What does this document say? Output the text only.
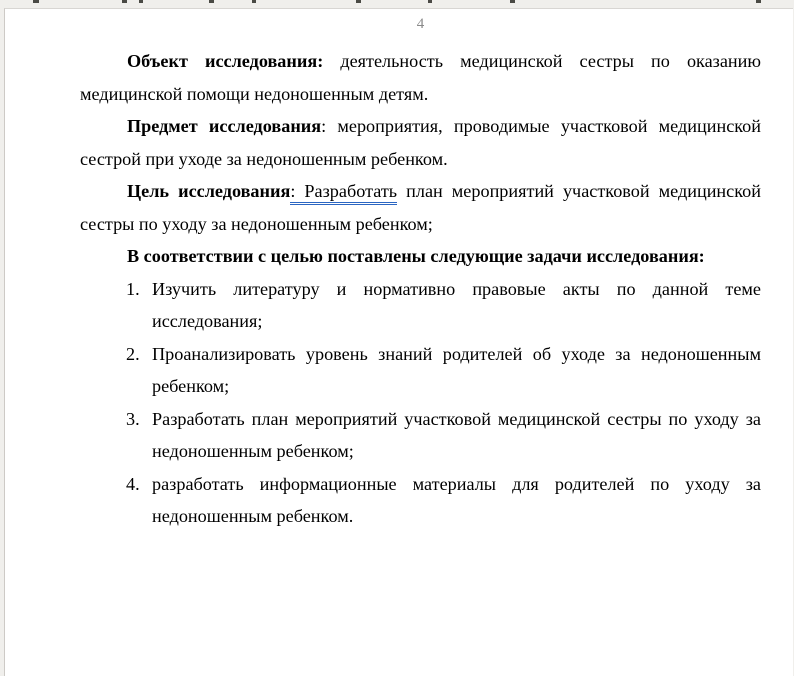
4
Объект исследования: деятельность медицинской сестры по оказанию
медицинской помощи недоношенным детям.
Предмет исследования: мероприятия, проводимые участковой медицинской
сестрой при уходе за недоношенным ребенком.
Цель исследования: Разработать план мероприятий участковой медицинской
сестры по уходу за недоношенным ребенком;
В соответствии с целью поставлены следующие задачи исследования:
1. Изучить литературу и нормативно правовые акты по данной теме
исследования;
2. Проанализировать уровень знаний родителей об уходе за недоношенным
ребенком;
3. Разработать план мероприятий участковой медицинской сестры по уходу за
недоношенным ребенком;
4. разработать информационные материалы для родителей по уходу за
недоношенным ребенком.
